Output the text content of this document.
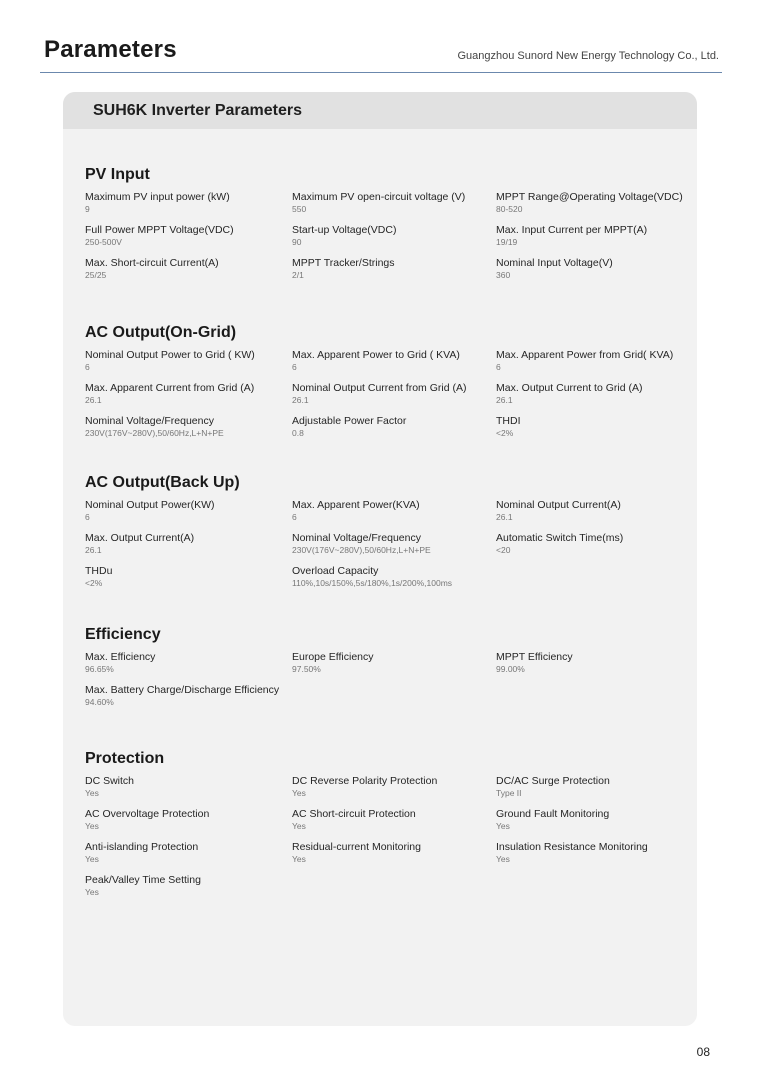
Parameters	Guangzhou Sunord New Energy Technology Co., Ltd.
SUH6K Inverter Parameters
PV Input
Maximum PV input power (kW)
9
Maximum PV open-circuit voltage (V)
550
MPPT Range@Operating Voltage(VDC)
80-520
Full Power MPPT Voltage(VDC)
250-500V
Start-up Voltage(VDC)
90
Max. Input Current per MPPT(A)
19/19
Max. Short-circuit Current(A)
25/25
MPPT Tracker/Strings
2/1
Nominal Input Voltage(V)
360
AC Output(On-Grid)
Nominal Output Power to Grid ( KW)
6
Max. Apparent Power to Grid ( KVA)
6
Max. Apparent Power from Grid( KVA)
6
Max. Apparent Current from Grid (A)
26.1
Nominal Output Current from Grid (A)
26.1
Max. Output Current to Grid (A)
26.1
Nominal Voltage/Frequency
230V(176V~280V),50/60Hz,L+N+PE
Adjustable Power Factor
0.8
THDI
<2%
AC Output(Back Up)
Nominal Output Power(KW)
6
Max. Apparent Power(KVA)
6
Nominal Output Current(A)
26.1
Max. Output Current(A)
26.1
Nominal Voltage/Frequency
230V(176V~280V),50/60Hz,L+N+PE
Automatic Switch Time(ms)
<20
THDu
<2%
Overload Capacity
110%,10s/150%,5s/180%,1s/200%,100ms
Efficiency
Max. Efficiency
96.65%
Europe Efficiency
97.50%
MPPT Efficiency
99.00%
Max. Battery Charge/Discharge Efficiency
94.60%
Protection
DC Switch
Yes
DC Reverse Polarity Protection
Yes
DC/AC Surge Protection
Type II
AC Overvoltage Protection
Yes
AC Short-circuit Protection
Yes
Ground Fault Monitoring
Yes
Anti-islanding Protection
Yes
Residual-current Monitoring
Yes
Insulation Resistance Monitoring
Yes
Peak/Valley Time Setting
Yes
08
